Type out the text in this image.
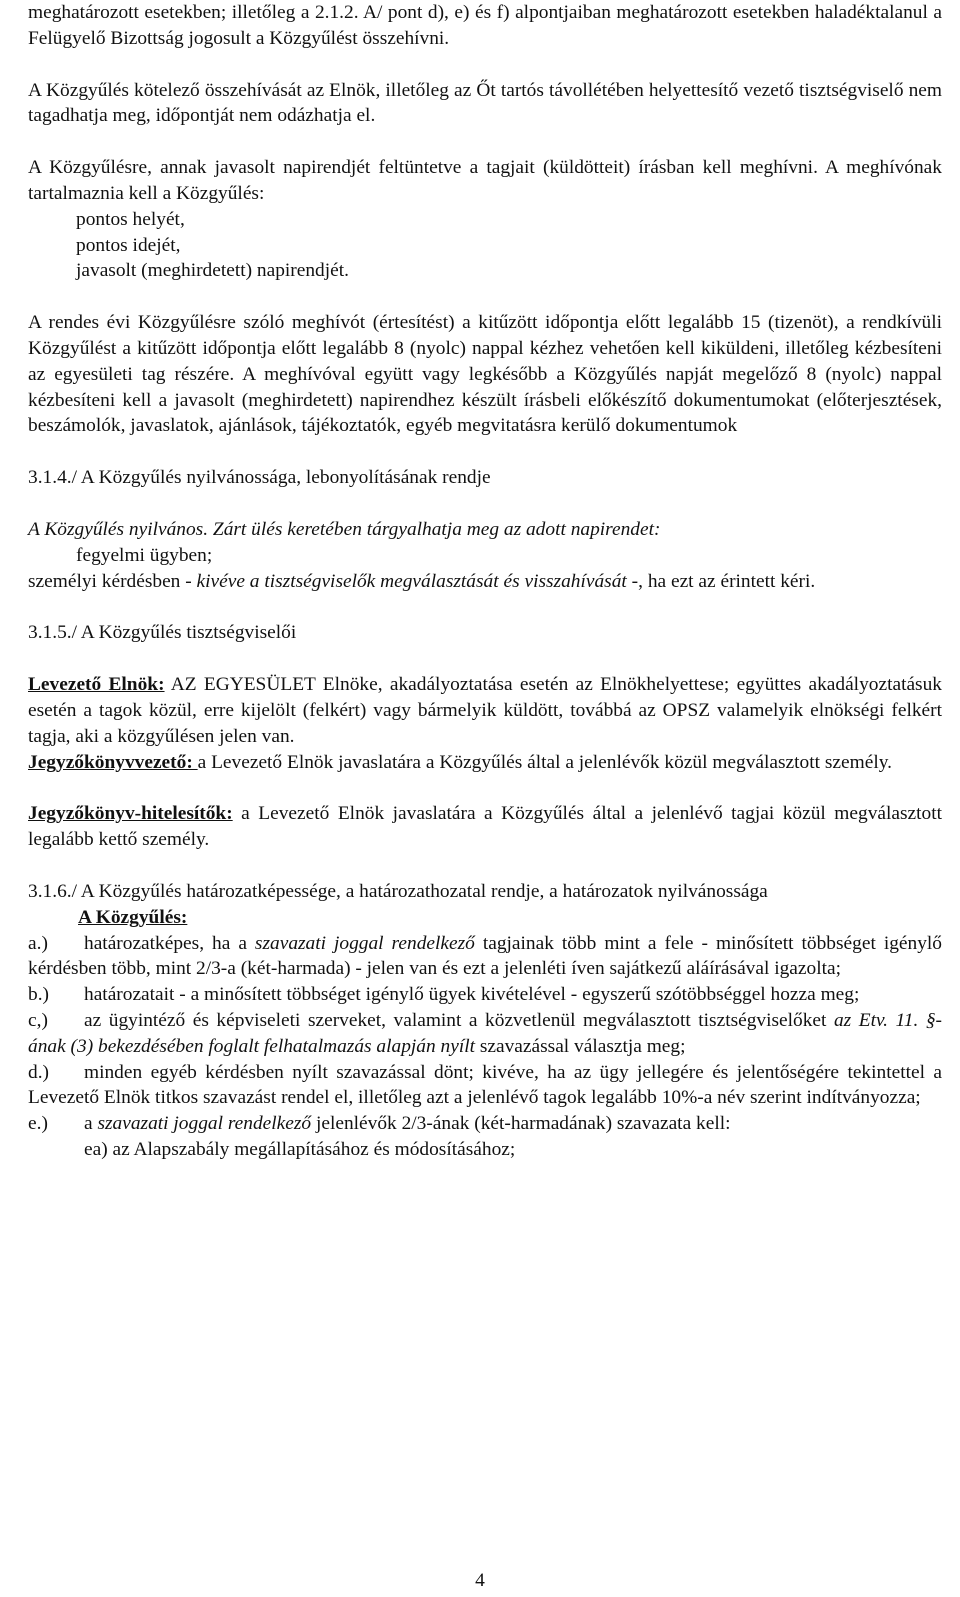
meghatározott esetekben; illetőleg a 2.1.2. A/ pont d), e) és f) alpontjaiban meghatározott esetekben haladéktalanul a Felügyelő Bizottság jogosult a Közgyűlést összehívni.

A Közgyűlés kötelező összehívását az Elnök, illetőleg az Őt tartós távollétében helyettesítő vezető tisztségviselő nem tagadhatja meg, időpontját nem odázhatja el.

A Közgyűlésre, annak javasolt napirendjét feltüntetve a tagjait (küldötteit) írásban kell meghívni. A meghívónak tartalmaznia kell a Közgyűlés:

pontos helyét,
pontos idejét,
javasolt (meghirdetett) napirendjét.

A rendes évi Közgyűlésre szóló meghívót (értesítést) a kitűzött időpontja előtt legalább 15 (tizenöt), a rendkívüli Közgyűlést a kitűzött időpontja előtt legalább 8 (nyolc) nappal kézhez vehetően kell kiküldeni, illetőleg kézbesíteni az egyesületi tag részére. A meghívóval együtt vagy legkésőbb a Közgyűlés napját megelőző 8 (nyolc) nappal kézbesíteni kell a javasolt (meghirdetett) napirendhez készült írásbeli előkészítő dokumentumokat (előterjesztések, beszámolók, javaslatok, ajánlások, tájékoztatók, egyéb megvitatásra kerülő dokumentumok

3.1.4./ A Közgyűlés nyilvánossága, lebonyolításának rendje

A Közgyűlés nyilvános. Zárt ülés keretében tárgyalhatja meg az adott napirendet:

fegyelmi ügyben;

személyi kérdésben - kivéve a tisztségviselők megválasztását és visszahívását -, ha ezt az érintett kéri.

3.1.5./ A Közgyűlés tisztségviselői

Levezető Elnök: AZ EGYESÜLET Elnöke, akadályoztatása esetén az Elnökhelyettese; együttes akadályoztatásuk esetén a tagok közül, erre kijelölt (felkért) vagy bármelyik küldött, továbbá az OPSZ valamelyik elnökségi felkért tagja, aki a közgyűlésen jelen van.

Jegyzőkönyvvezető: a Levezető Elnök javaslatára a Közgyűlés által a jelenlévők közül megválasztott személy.

Jegyzőkönyv-hitelesítők: a Levezető Elnök javaslatára a Közgyűlés által a jelenlévő tagjai közül megválasztott legalább kettő személy.

3.1.6./ A Közgyűlés határozatképessége, a határozathozatal rendje, a határozatok nyilvánossága

A Közgyűlés:

a.) határozatképes, ha a szavazati joggal rendelkező tagjainak több mint a fele - minősített többséget igénylő kérdésben több, mint 2/3-a (két-harmada) - jelen van és ezt a jelenléti íven sajátkezű aláírásával igazolta;

b.) határozatait - a minősített többséget igénylő ügyek kivételével - egyszerű szótöbbséggel hozza meg;

c,) az ügyintéző és képviseleti szerveket, valamint a közvetlenül megválasztott tisztségviselőket az Etv. 11. §-ának (3) bekezdésében foglalt felhatalmazás alapján nyílt szavazással választja meg;

d.) minden egyéb kérdésben nyílt szavazással dönt; kivéve, ha az ügy jellegére és jelentőségére tekintettel a Levezető Elnök titkos szavazást rendel el, illetőleg azt a jelenlévő tagok legalább 10%-a név szerint indítványozza;

e.) a szavazati joggal rendelkező jelenlévők 2/3-ának (két-harmadának) szavazata kell:

ea) az Alapszabály megállapításához és módosításához;
4
